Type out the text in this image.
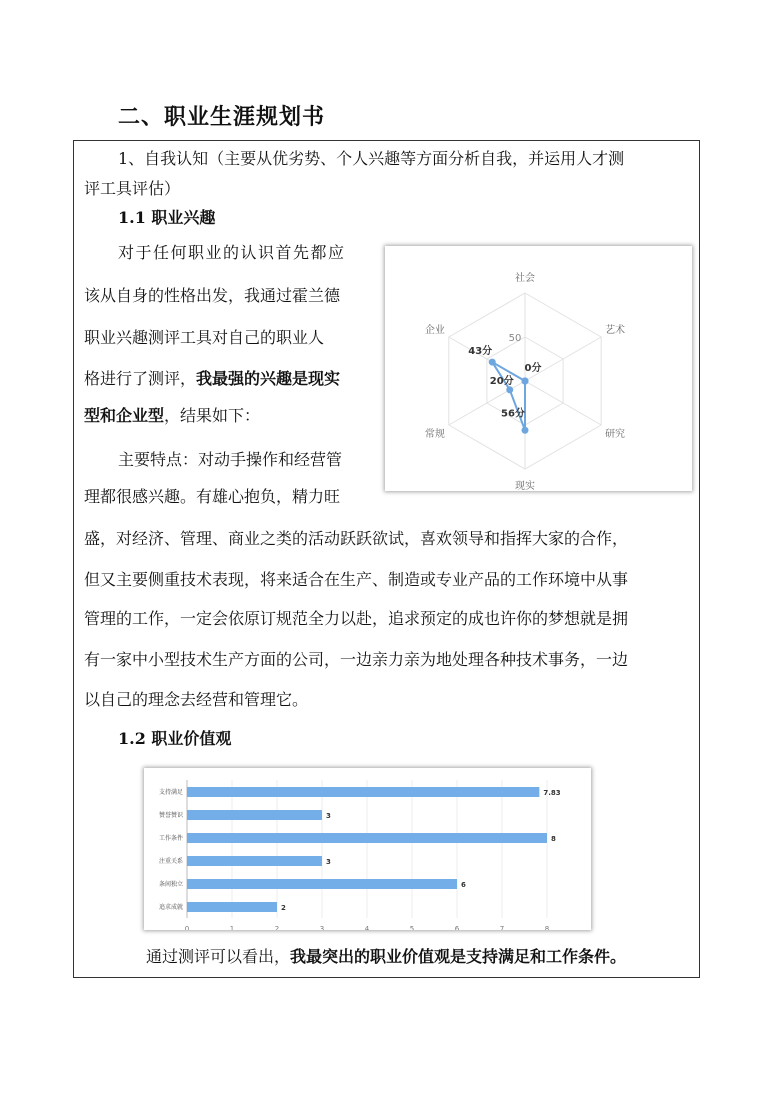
二、职业生涯规划书
1、自我认知（主要从优劣势、个人兴趣等方面分析自我，并运用人才测
评工具评估）
1.1 职业兴趣
对于任何职业的认识首先都应
该从自身的性格出发，我通过霍兰德
职业兴趣测评工具对自己的职业人
格进行了测评，我最强的兴趣是现实
型和企业型，结果如下：
主要特点：对动手操作和经营管
理都很感兴趣。有雄心抱负，精力旺
盛，对经济、管理、商业之类的活动跃跃欲试，喜欢领导和指挥大家的合作，
但又主要侧重技术表现，将来适合在生产、制造或专业产品的工作环境中从事
管理的工作，一定会依原订规范全力以赴，追求预定的成也许你的梦想就是拥
有一家中小型技术生产方面的公司，一边亲力亲为地处理各种技术事务，一边
以自己的理念去经营和管理它。
社会
艺术
研究
现实
常规
企业
50
0分
56分
20分
43分
1.2 职业价值观
0	1	2	3	4	5	6	7	8
支持满足	7.83
赞誉赞识	3
工作条件	8
注重关系	3
条间独立	6
追求成就	2
通过测评可以看出，我最突出的职业价值观是支持满足和工作条件。
